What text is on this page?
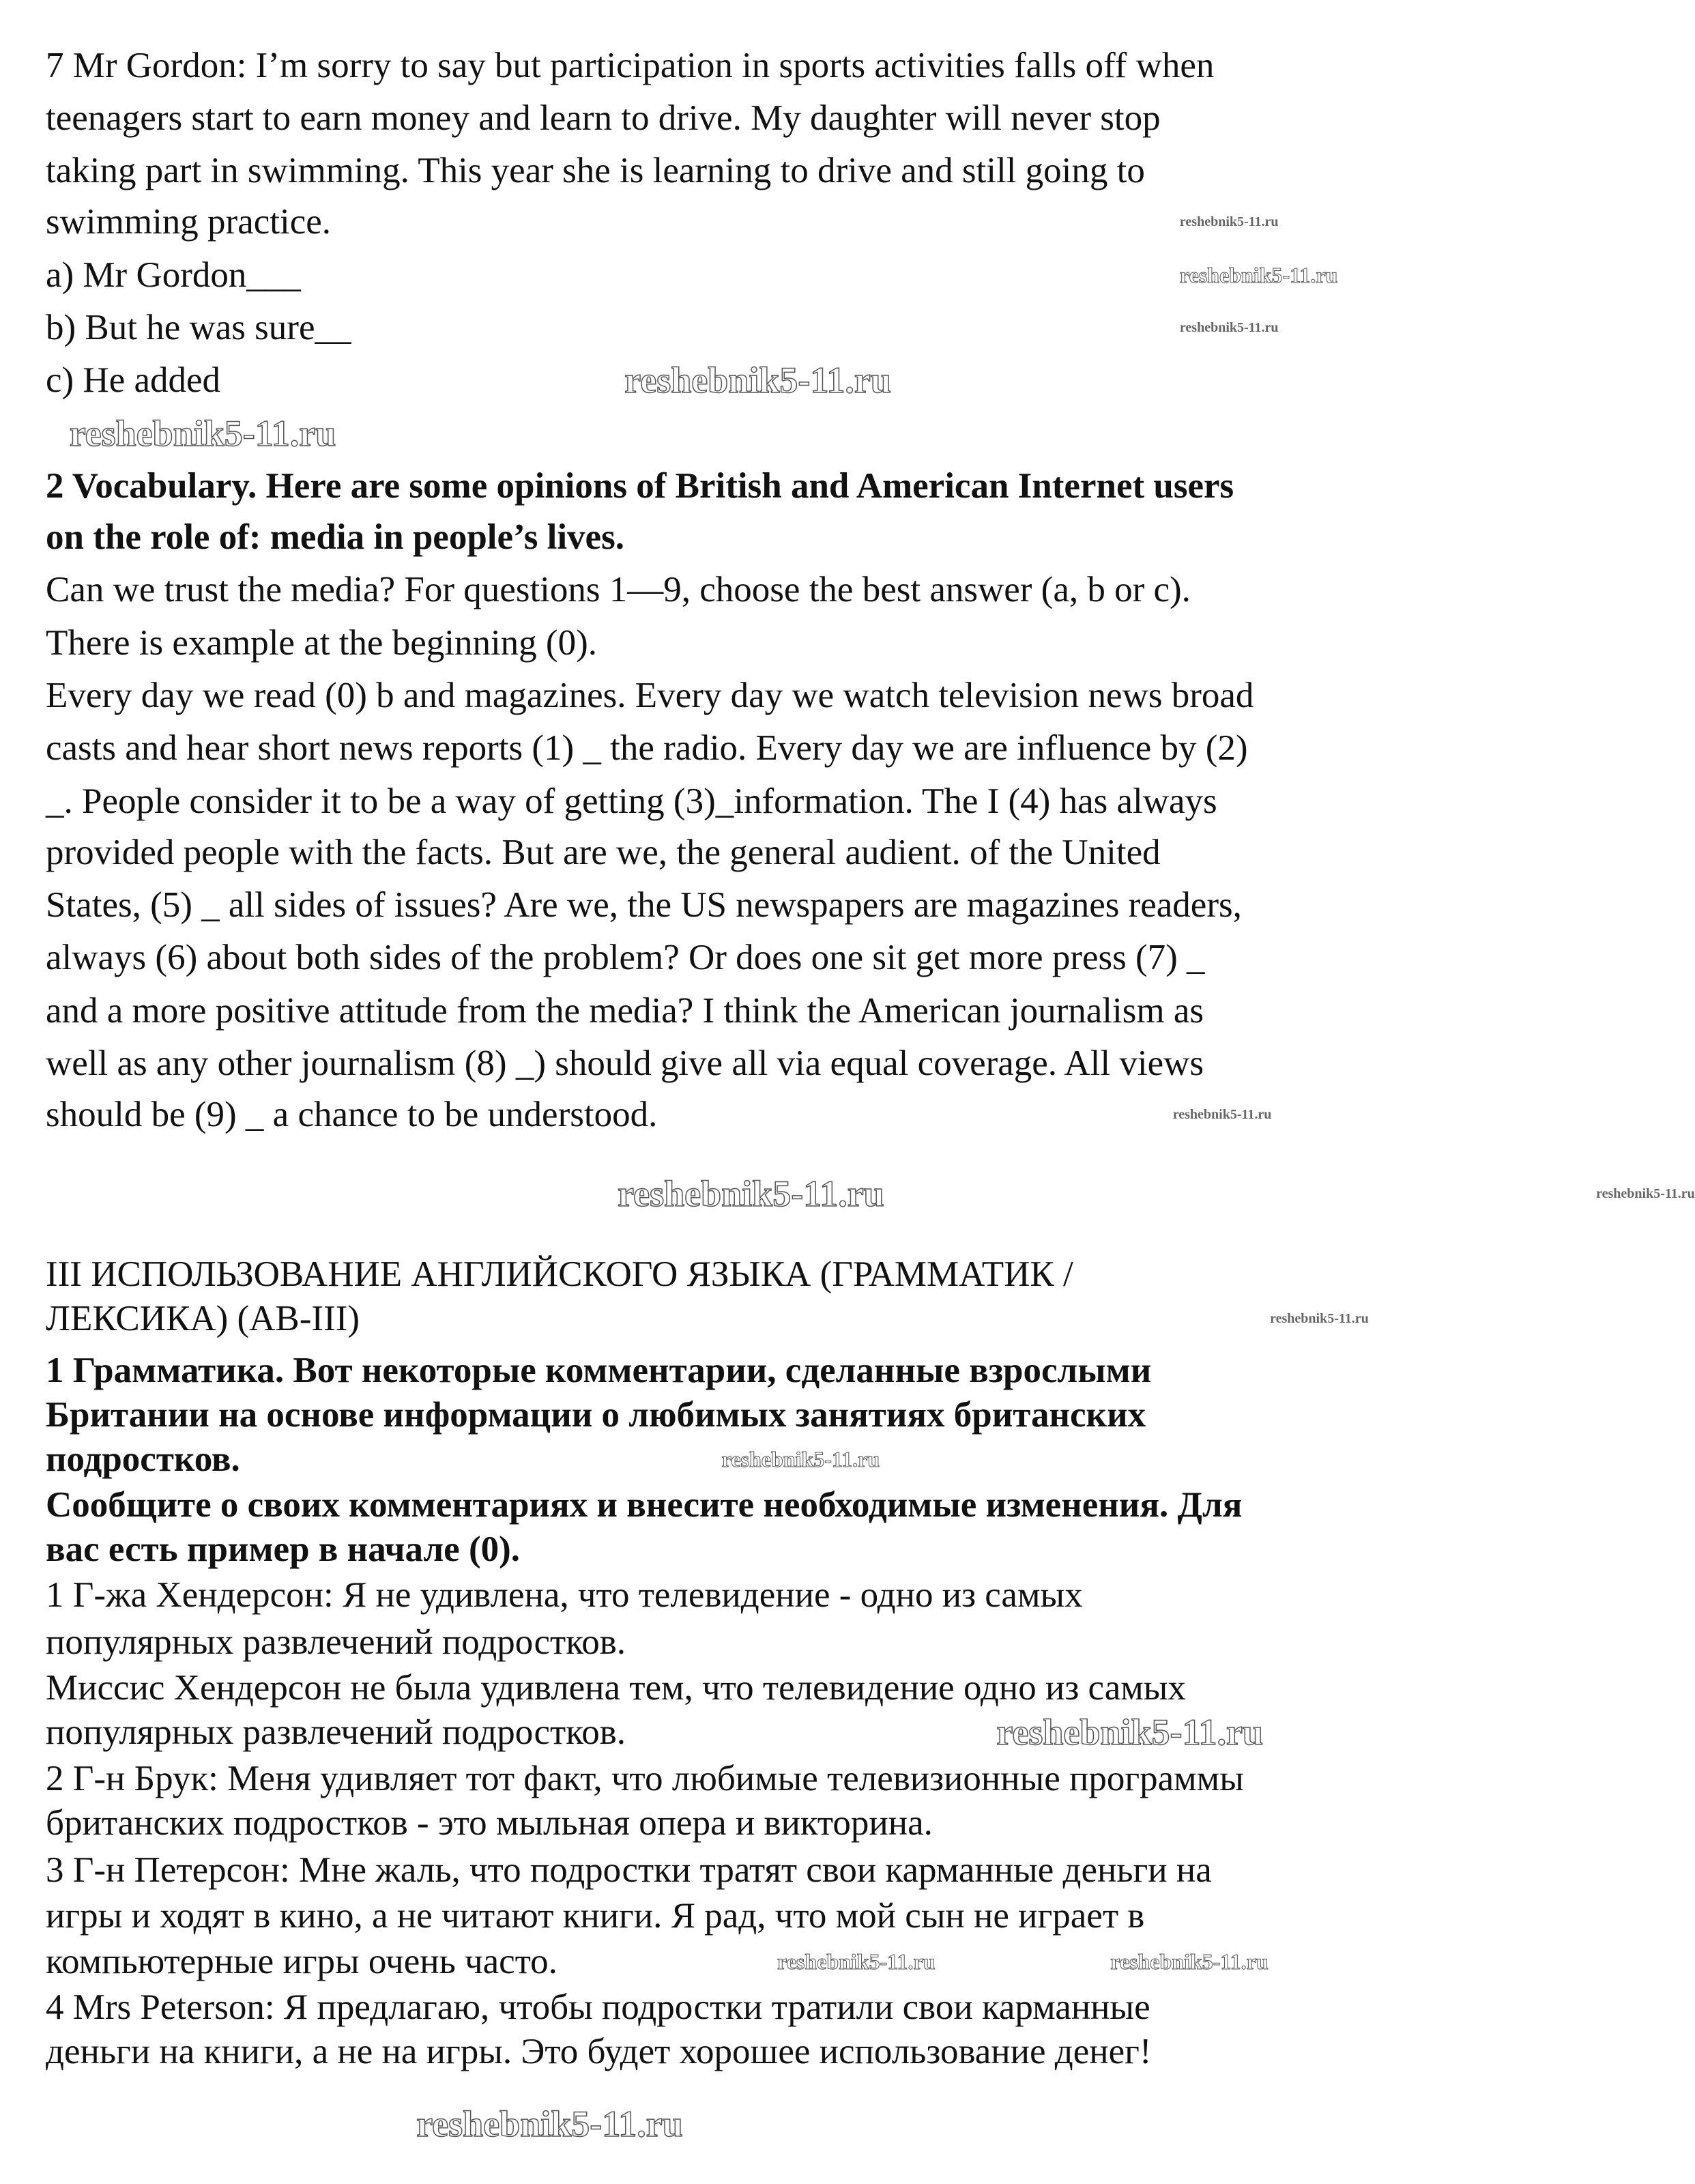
7 Mr Gordon: I’m sorry to say but participation in sports activities falls off when
teenagers start to earn money and learn to drive. My daughter will never stop
taking part in swimming. This year she is learning to drive and still going to
swimming practice.
a) Mr Gordon___
b) But he was sure__
c) He added
2 Vocabulary. Here are some opinions of British and American Internet users
on the role of: media in people’s lives.
Can we trust the media? For questions 1—9, choose the best answer (a, b or c).
There is example at the beginning (0).
Every day we read (0) b and magazines. Every day we watch television news broad
casts and hear short news reports (1) _ the radio. Every day we are influence by (2)
_. People consider it to be a way of getting (3)_information. The I (4) has always
provided people with the facts. But are we, the general audient. of the United
States, (5) _ all sides of issues? Are we, the US newspapers are magazines readers,
always (6) about both sides of the problem? Or does one sit get more press (7) _
and a more positive attitude from the media? I think the American journalism as
well as any other journalism (8) _) should give all via equal coverage. All views
should be (9) _ a chance to be understood.
III ИСПОЛЬЗОВАНИЕ АНГЛИЙСКОГО ЯЗЫКА (ГРАММАТИК /
ЛЕКСИКА) (АВ-III)
1 Грамматика. Вот некоторые комментарии, сделанные взрослыми
Британии на основе информации о любимых занятиях британских
подростков.
Сообщите о своих комментариях и внесите необходимые изменения. Для
вас есть пример в начале (0).
1 Г-жа Хендерсон: Я не удивлена, что телевидение - одно из самых
популярных развлечений подростков.
Миссис Хендерсон не была удивлена тем, что телевидение одно из самых
популярных развлечений подростков.
2 Г-н Брук: Меня удивляет тот факт, что любимые телевизионные программы
британских подростков - это мыльная опера и викторина.
3 Г-н Петерсон: Мне жаль, что подростки тратят свои карманные деньги на
игры и ходят в кино, а не читают книги. Я рад, что мой сын не играет в
компьютерные игры очень часто.
4 Mrs Peterson: Я предлагаю, чтобы подростки тратили свои карманные
деньги на книги, а не на игры. Это будет хорошее использование денег!
reshebnik5-11.ru
reshebnik5-11.ru
reshebnik5-11.ru
reshebnik5-11.ru
reshebnik5-11.ru
reshebnik5-11.ru
reshebnik5-11.ru	reshebnik5-11.ru
reshebnik5-11.ru
reshebnik5-11.ru
reshebnik5-11.ru
reshebnik5-11.ru	reshebnik5-11.ru
reshebnik5-11.ru
